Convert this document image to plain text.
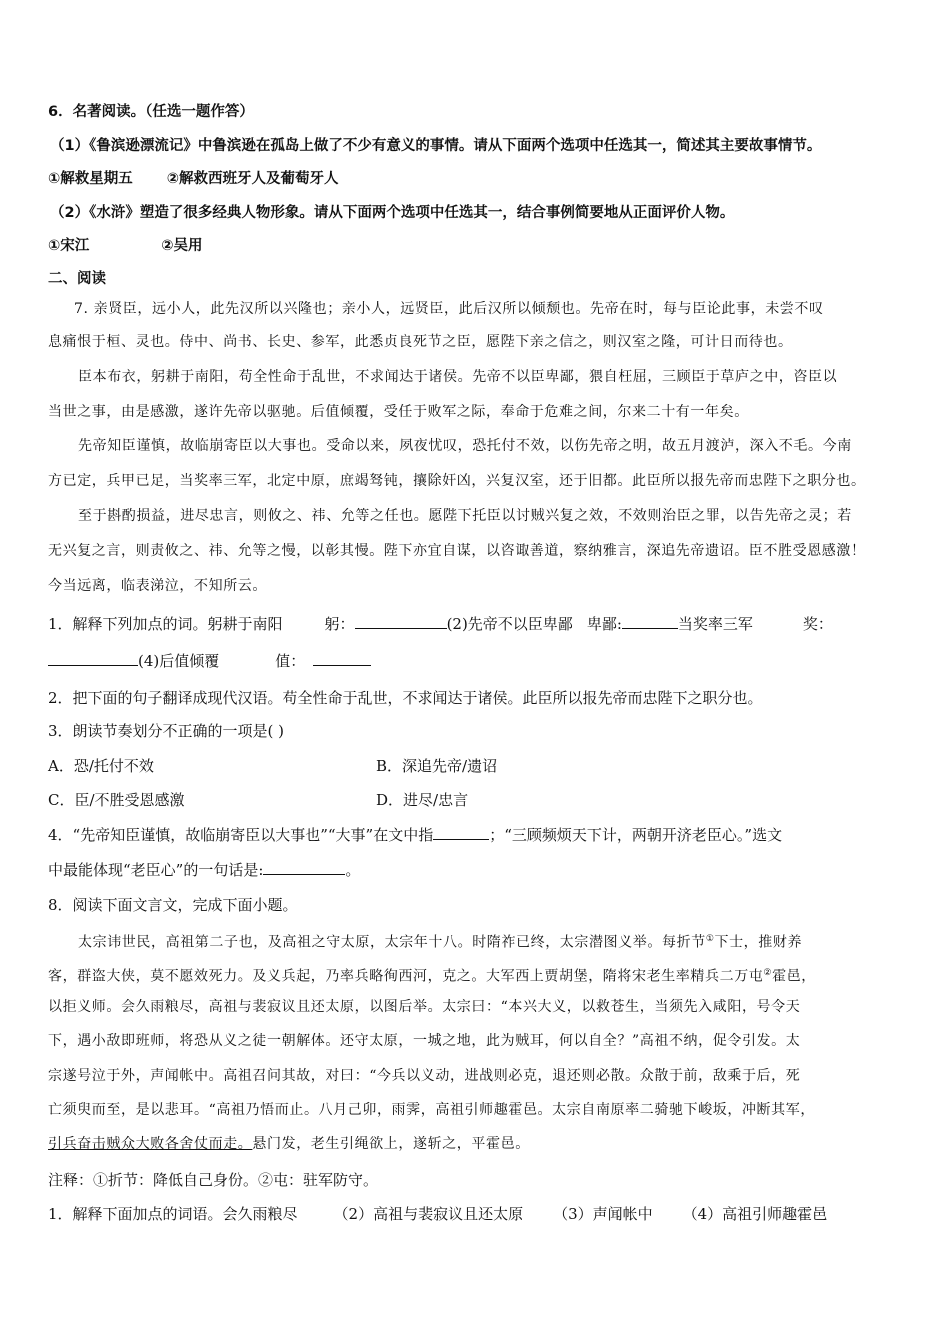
6．名著阅读。（任选一题作答）
（1）《鲁滨逊漂流记》中鲁滨逊在孤岛上做了不少有意义的事情。请从下面两个选项中任选其一，简述其主要故事情节。
①解救星期五 ②解救西班牙人及葡萄牙人
（2）《水浒》塑造了很多经典人物形象。请从下面两个选项中任选其一，结合事例简要地从正面评价人物。
①宋江	②吴用
二、阅读
7. 亲贤臣，远小人，此先汉所以兴隆也；亲小人，远贤臣，此后汉所以倾颓也。先帝在时，每与臣论此事，未尝不叹
息痛恨于桓、灵也。侍中、尚书、长史、参军，此悉贞良死节之臣，愿陛下亲之信之，则汉室之隆，可计日而待也。
臣本布衣，躬耕于南阳，苟全性命于乱世，不求闻达于诸侯。先帝不以臣卑鄙，猥自枉屈，三顾臣于草庐之中，咨臣以
当世之事，由是感激，遂许先帝以驱驰。后值倾覆，受任于败军之际，奉命于危难之间，尔来二十有一年矣。
先帝知臣谨慎，故临崩寄臣以大事也。受命以来，夙夜忧叹，恐托付不效，以伤先帝之明，故五月渡泸，深入不毛。今南
方已定，兵甲已足，当奖率三军，北定中原，庶竭驽钝，攘除奸凶，兴复汉室，还于旧都。此臣所以报先帝而忠陛下之职分也。
至于斟酌损益，进尽忠言，则攸之、祎、允等之任也。愿陛下托臣以讨贼兴复之效，不效则治臣之罪，以告先帝之灵；若
无兴复之言，则责攸之、祎、允等之慢，以彰其慢。陛下亦宜自谋，以咨诹善道，察纳雅言，深追先帝遗诏。臣不胜受恩感激！
今当远离，临表涕泣，不知所云。
1．解释下列加点的词。躬耕于南阳	躬：	(2)先帝不以臣卑鄙 卑鄙:	当奖率三军	奖：
(4)后值倾覆	值：
2．把下面的句子翻译成现代汉语。苟全性命于乱世，不求闻达于诸侯。此臣所以报先帝而忠陛下之职分也。
3．朗读节奏划分不正确的一项是( )
A．恐/托付不效	B．深追先帝/遗诏
C．臣/不胜受恩感激	D．进尽/忠言
4．“先帝知臣谨慎，故临崩寄臣以大事也”“大事”在文中指	；“三顾频烦天下计，两朝开济老臣心。”选文
中最能体现“老臣心”的一句话是:	。
8．阅读下面文言文，完成下面小题。
太宗讳世民，高祖第二子也，及高祖之守太原，太宗年十八。时隋祚已终，太宗潜图义举。每折节①下士，推财养
客，群盗大侠，莫不愿效死力。及义兵起，乃率兵略徇西河，克之。大军西上贾胡堡，隋将宋老生率精兵二万屯②霍邑，
以拒义师。会久雨粮尽，高祖与裴寂议且还太原，以图后举。太宗曰：“本兴大义，以救苍生，当须先入咸阳，号令天
下，遇小敌即班师，将恐从义之徒一朝解体。还守太原，一城之地，此为贼耳，何以自全？”高祖不纳，促令引发。太
宗遂号泣于外，声闻帐中。高祖召问其故，对曰：“今兵以义动，进战则必克，退还则必散。众散于前，敌乘于后，死
亡须臾而至，是以悲耳。“高祖乃悟而止。八月己卯，雨霁，高祖引师趣霍邑。太宗自南原率二骑驰下峻坂，冲断其军，
引兵奋击贼众大败各舍仗而走。悬门发，老生引绳欲上，遂斩之，平霍邑。
注释：①折节：降低自己身份。②屯：驻军防守。
1．解释下面加点的词语。会久雨粮尽 （2）高祖与裴寂议且还太原 （3）声闻帐中 （4）高祖引师趣霍邑
